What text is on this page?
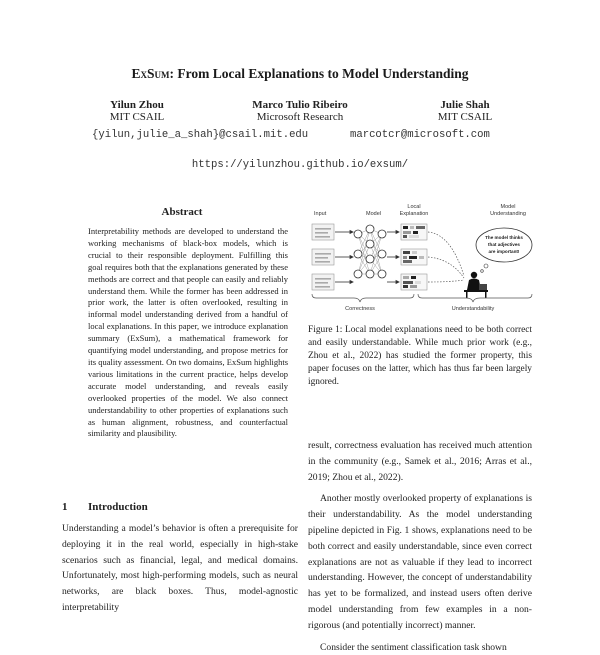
ExSum: From Local Explanations to Model Understanding
Yilun Zhou
MIT CSAIL
Marco Tulio Ribeiro
Microsoft Research
Julie Shah
MIT CSAIL
{yilun,julie_a_shah}@csail.mit.edu	marcotcr@microsoft.com
https://yilunzhou.github.io/exsum/
Abstract
Interpretability methods are developed to understand the working mechanisms of black-box models, which is crucial to their responsible deployment. Fulfilling this goal requires both that the explanations generated by these methods are correct and that people can easily and reliably understand them. While the former has been addressed in prior work, the latter is often overlooked, resulting in informal model understanding derived from a handful of local explanations. In this paper, we introduce explanation summary (ExSum), a mathematical framework for quantifying model understanding, and propose metrics for its quality assessment. On two domains, ExSum highlights various limitations in the current practice, helps develop accurate model understanding, and reveals easily overlooked properties of the model. We also connect understandability to other properties of explanations such as human alignment, robustness, and counterfactual similarity and plausibility.
1 Introduction
Understanding a model’s behavior is often a prerequisite for deploying it in the real world, especially in high-stake scenarios such as financial, legal, and medical domains. Unfortunately, most high-performing models, such as neural networks, are black boxes. Thus, model-agnostic interpretability
Input	Model
Local
Explanation
Model
Understanding
The model thinks
that adjectives
are important!
Correctness	Understandability
Figure 1: Local model explanations need to be both correct and easily understandable. While much prior work (e.g., Zhou et al., 2022) has studied the former property, this paper focuses on the latter, which has thus far been largely ignored.

result, correctness evaluation has received much attention in the community (e.g., Samek et al., 2016; Arras et al., 2019; Zhou et al., 2022).

Another mostly overlooked property of explanations is their understandability. As the model understanding pipeline depicted in Fig. 1 shows, explanations need to be both correct and easily understandable, since even correct explanations are not as valuable if they lead to incorrect understanding. However, the concept of understandability has yet to be formalized, and instead users often derive model understanding from few examples in a non-rigorous (and potentially incorrect) manner.

Consider the sentiment classification task shown
